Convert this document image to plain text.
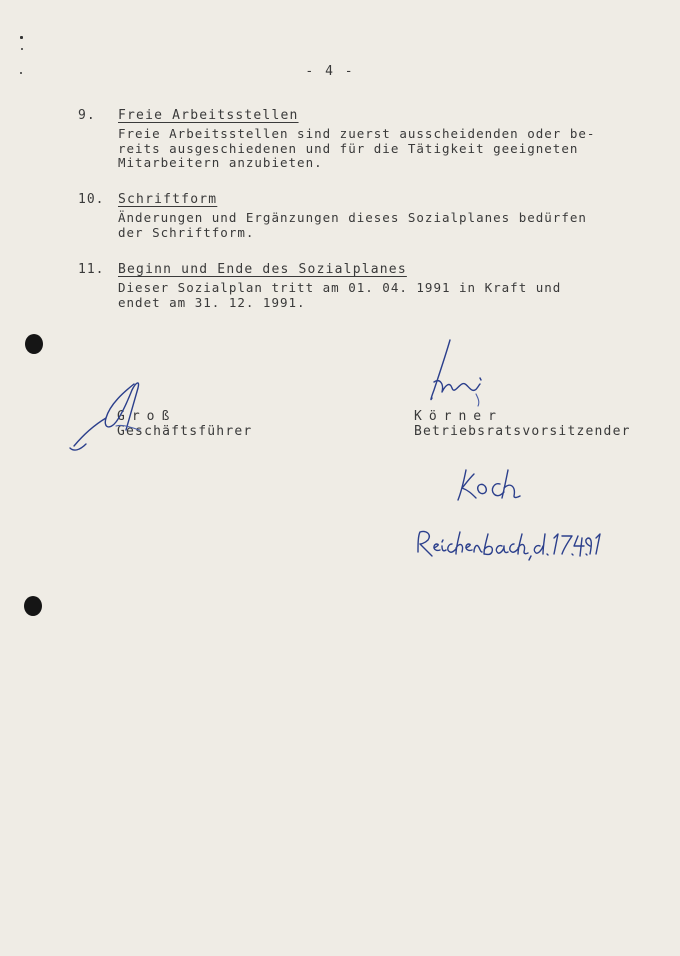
- 4 -
9. Freie Arbeitsstellen
Freie Arbeitsstellen sind zuerst ausscheidenden oder be-
reits ausgeschiedenen und für die Tätigkeit geeigneten
Mitarbeitern anzubieten.
10. Schriftform
Änderungen und Ergänzungen dieses Sozialplanes bedürfen
der Schriftform.
11. Beginn und Ende des Sozialplanes
Dieser Sozialplan tritt am 01. 04. 1991 in Kraft und
endet am 31. 12. 1991.
Groß
Geschäftsführer
Körner
Betriebsratsvorsitzender
